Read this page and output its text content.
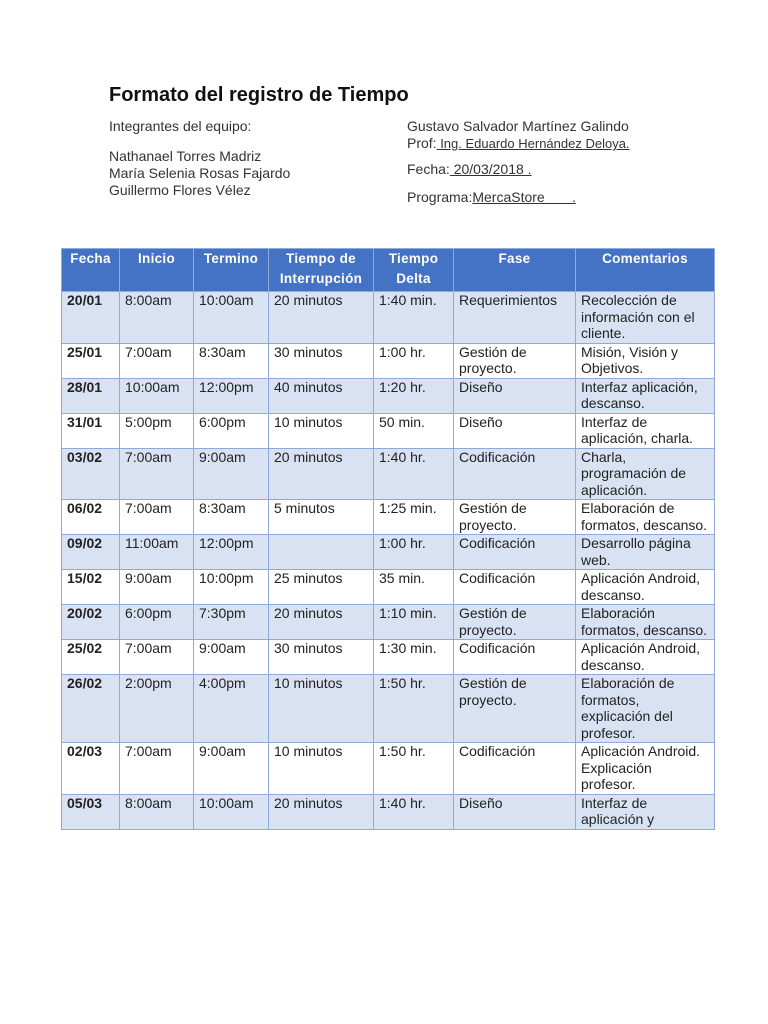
Formato del registro de Tiempo
Integrantes del equipo:
Nathanael Torres Madriz
María Selenia Rosas Fajardo
Guillermo Flores Vélez
Gustavo Salvador Martínez Galindo
Prof: Ing. Eduardo Hernández Deloya.
Fecha: 20/03/2018 .
Programa:MercaStore       .
Fecha	Inicio	Termino	Tiempo de Interrupción	Tiempo Delta	Fase	Comentarios
20/01	8:00am	10:00am	20 minutos	1:40 min.	Requerimientos	Recolección de información con el cliente.
25/01	7:00am	8:30am	30 minutos	1:00 hr.	Gestión de proyecto.	Misión, Visión y Objetivos.
28/01	10:00am	12:00pm	40 minutos	1:20 hr.	Diseño	Interfaz aplicación, descanso.
31/01	5:00pm	6:00pm	10 minutos	50 min.	Diseño	Interfaz de aplicación, charla.
03/02	7:00am	9:00am	20 minutos	1:40 hr.	Codificación	Charla, programación de aplicación.
06/02	7:00am	8:30am	5 minutos	1:25 min.	Gestión de proyecto.	Elaboración de formatos, descanso.
09/02	11:00am	12:00pm		1:00 hr.	Codificación	Desarrollo página web.
15/02	9:00am	10:00pm	25 minutos	35 min.	Codificación	Aplicación Android, descanso.
20/02	6:00pm	7:30pm	20 minutos	1:10 min.	Gestión de proyecto.	Elaboración formatos, descanso.
25/02	7:00am	9:00am	30 minutos	1:30 min.	Codificación	Aplicación Android, descanso.
26/02	2:00pm	4:00pm	10 minutos	1:50 hr.	Gestión de proyecto.	Elaboración de formatos, explicación del profesor.
02/03	7:00am	9:00am	10 minutos	1:50 hr.	Codificación	Aplicación Android. Explicación profesor.
05/03	8:00am	10:00am	20 minutos	1:40 hr.	Diseño	Interfaz de aplicación y
